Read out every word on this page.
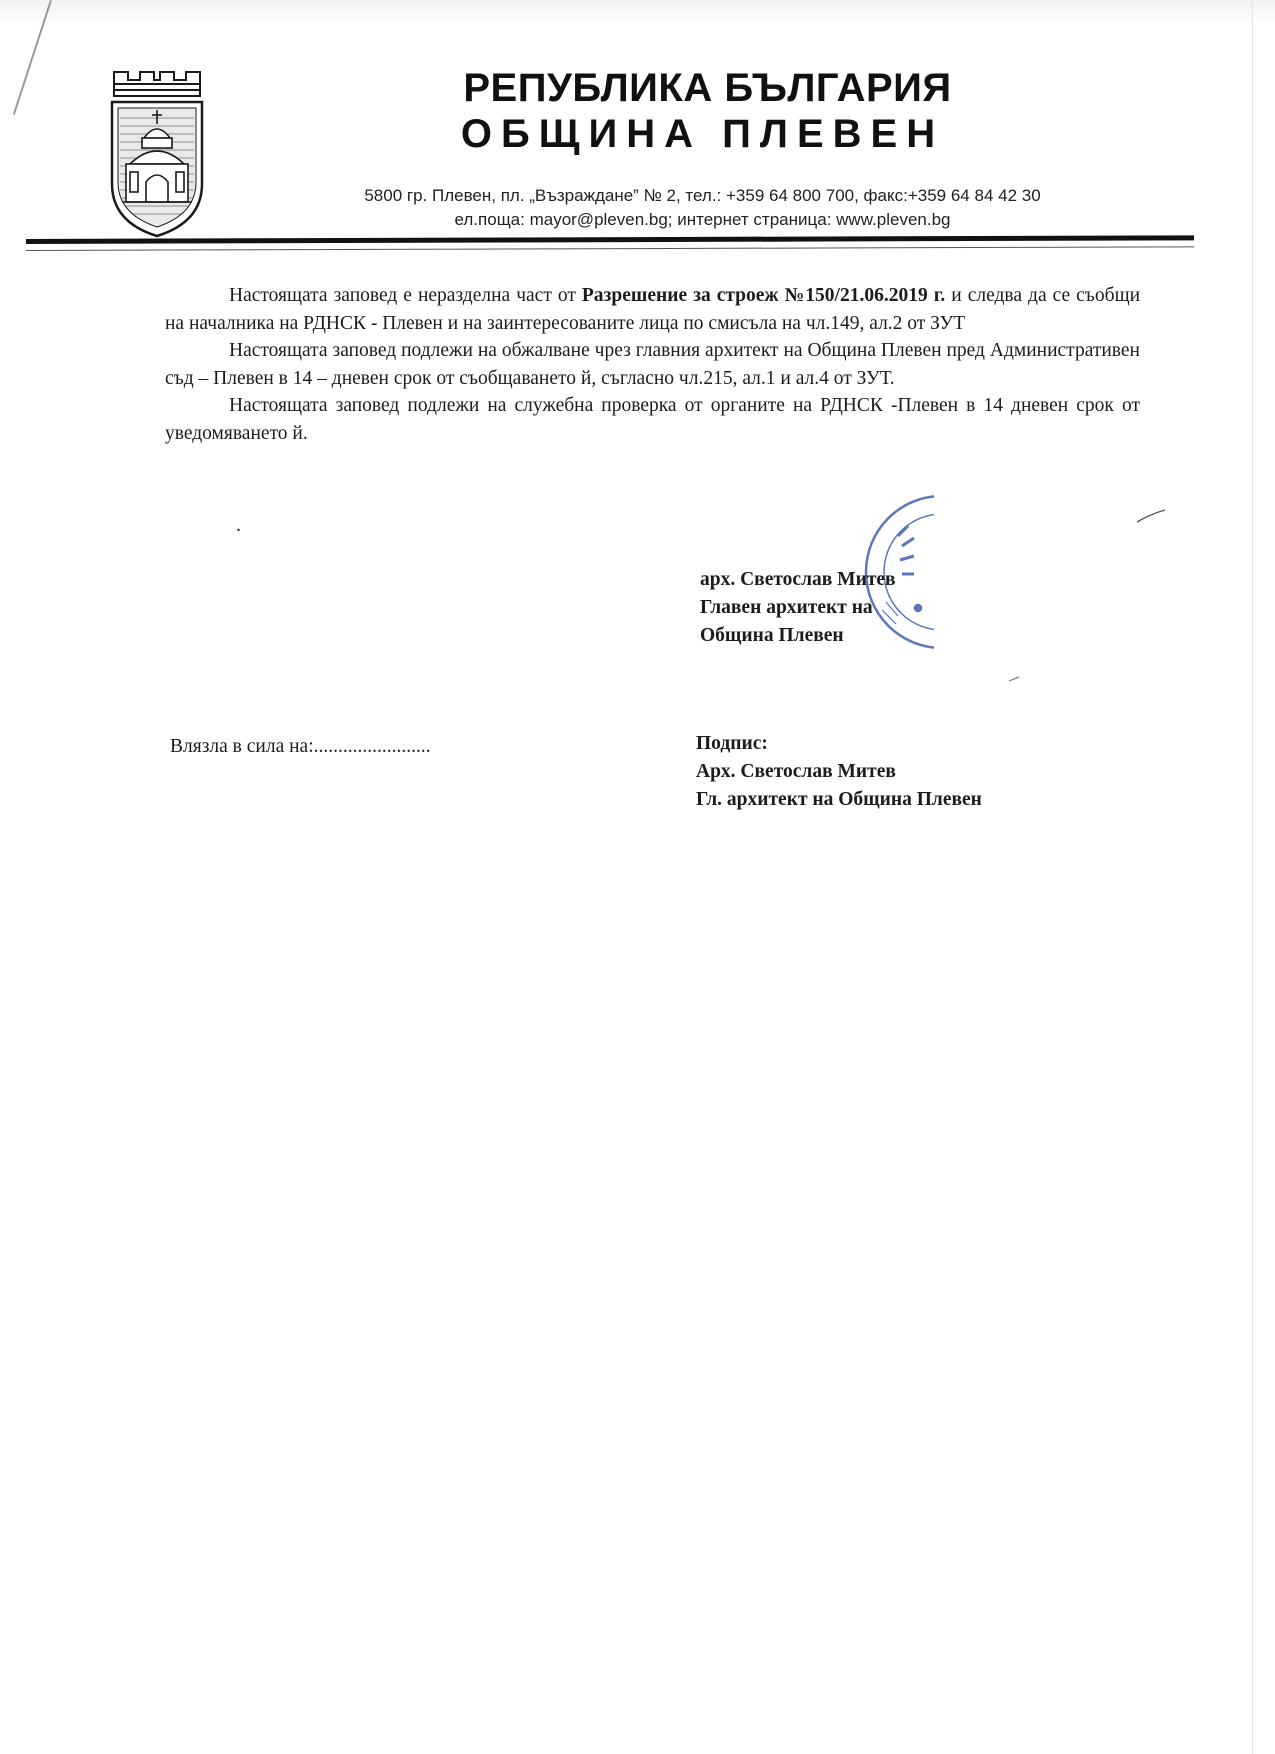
РЕПУБЛИКА БЪЛГАРИЯ
ОБЩИНА ПЛЕВЕН
5800 гр. Плевен, пл. „Възраждане” № 2, тел.: +359 64 800 700, факс:+359 64 84 42 30
ел.поща: mayor@pleven.bg; интернет страница: www.pleven.bg

Настоящата заповед е неразделна част от Разрешение за строеж №150/21.06.2019 г. и следва да се съобщи на началника на РДНСК - Плевен и на заинтересованите лица по смисъла на чл.149, ал.2 от ЗУТ

Настоящата заповед подлежи на обжалване чрез главния архитект на Община Плевен пред Административен съд – Плевен в 14 – дневен срок от съобщаването й, съгласно чл.215, ал.1 и ал.4 от ЗУТ.

Настоящата заповед подлежи на служебна проверка от органите на РДНСК -Плевен в 14 дневен срок от уведомяването й.

.
арх. Светослав Митев
Главен архитект на
Община Плевен
Влязла в сила на:........................	Подпис:
Арх. Светослав Митев
Гл. архитект на Община Плевен
